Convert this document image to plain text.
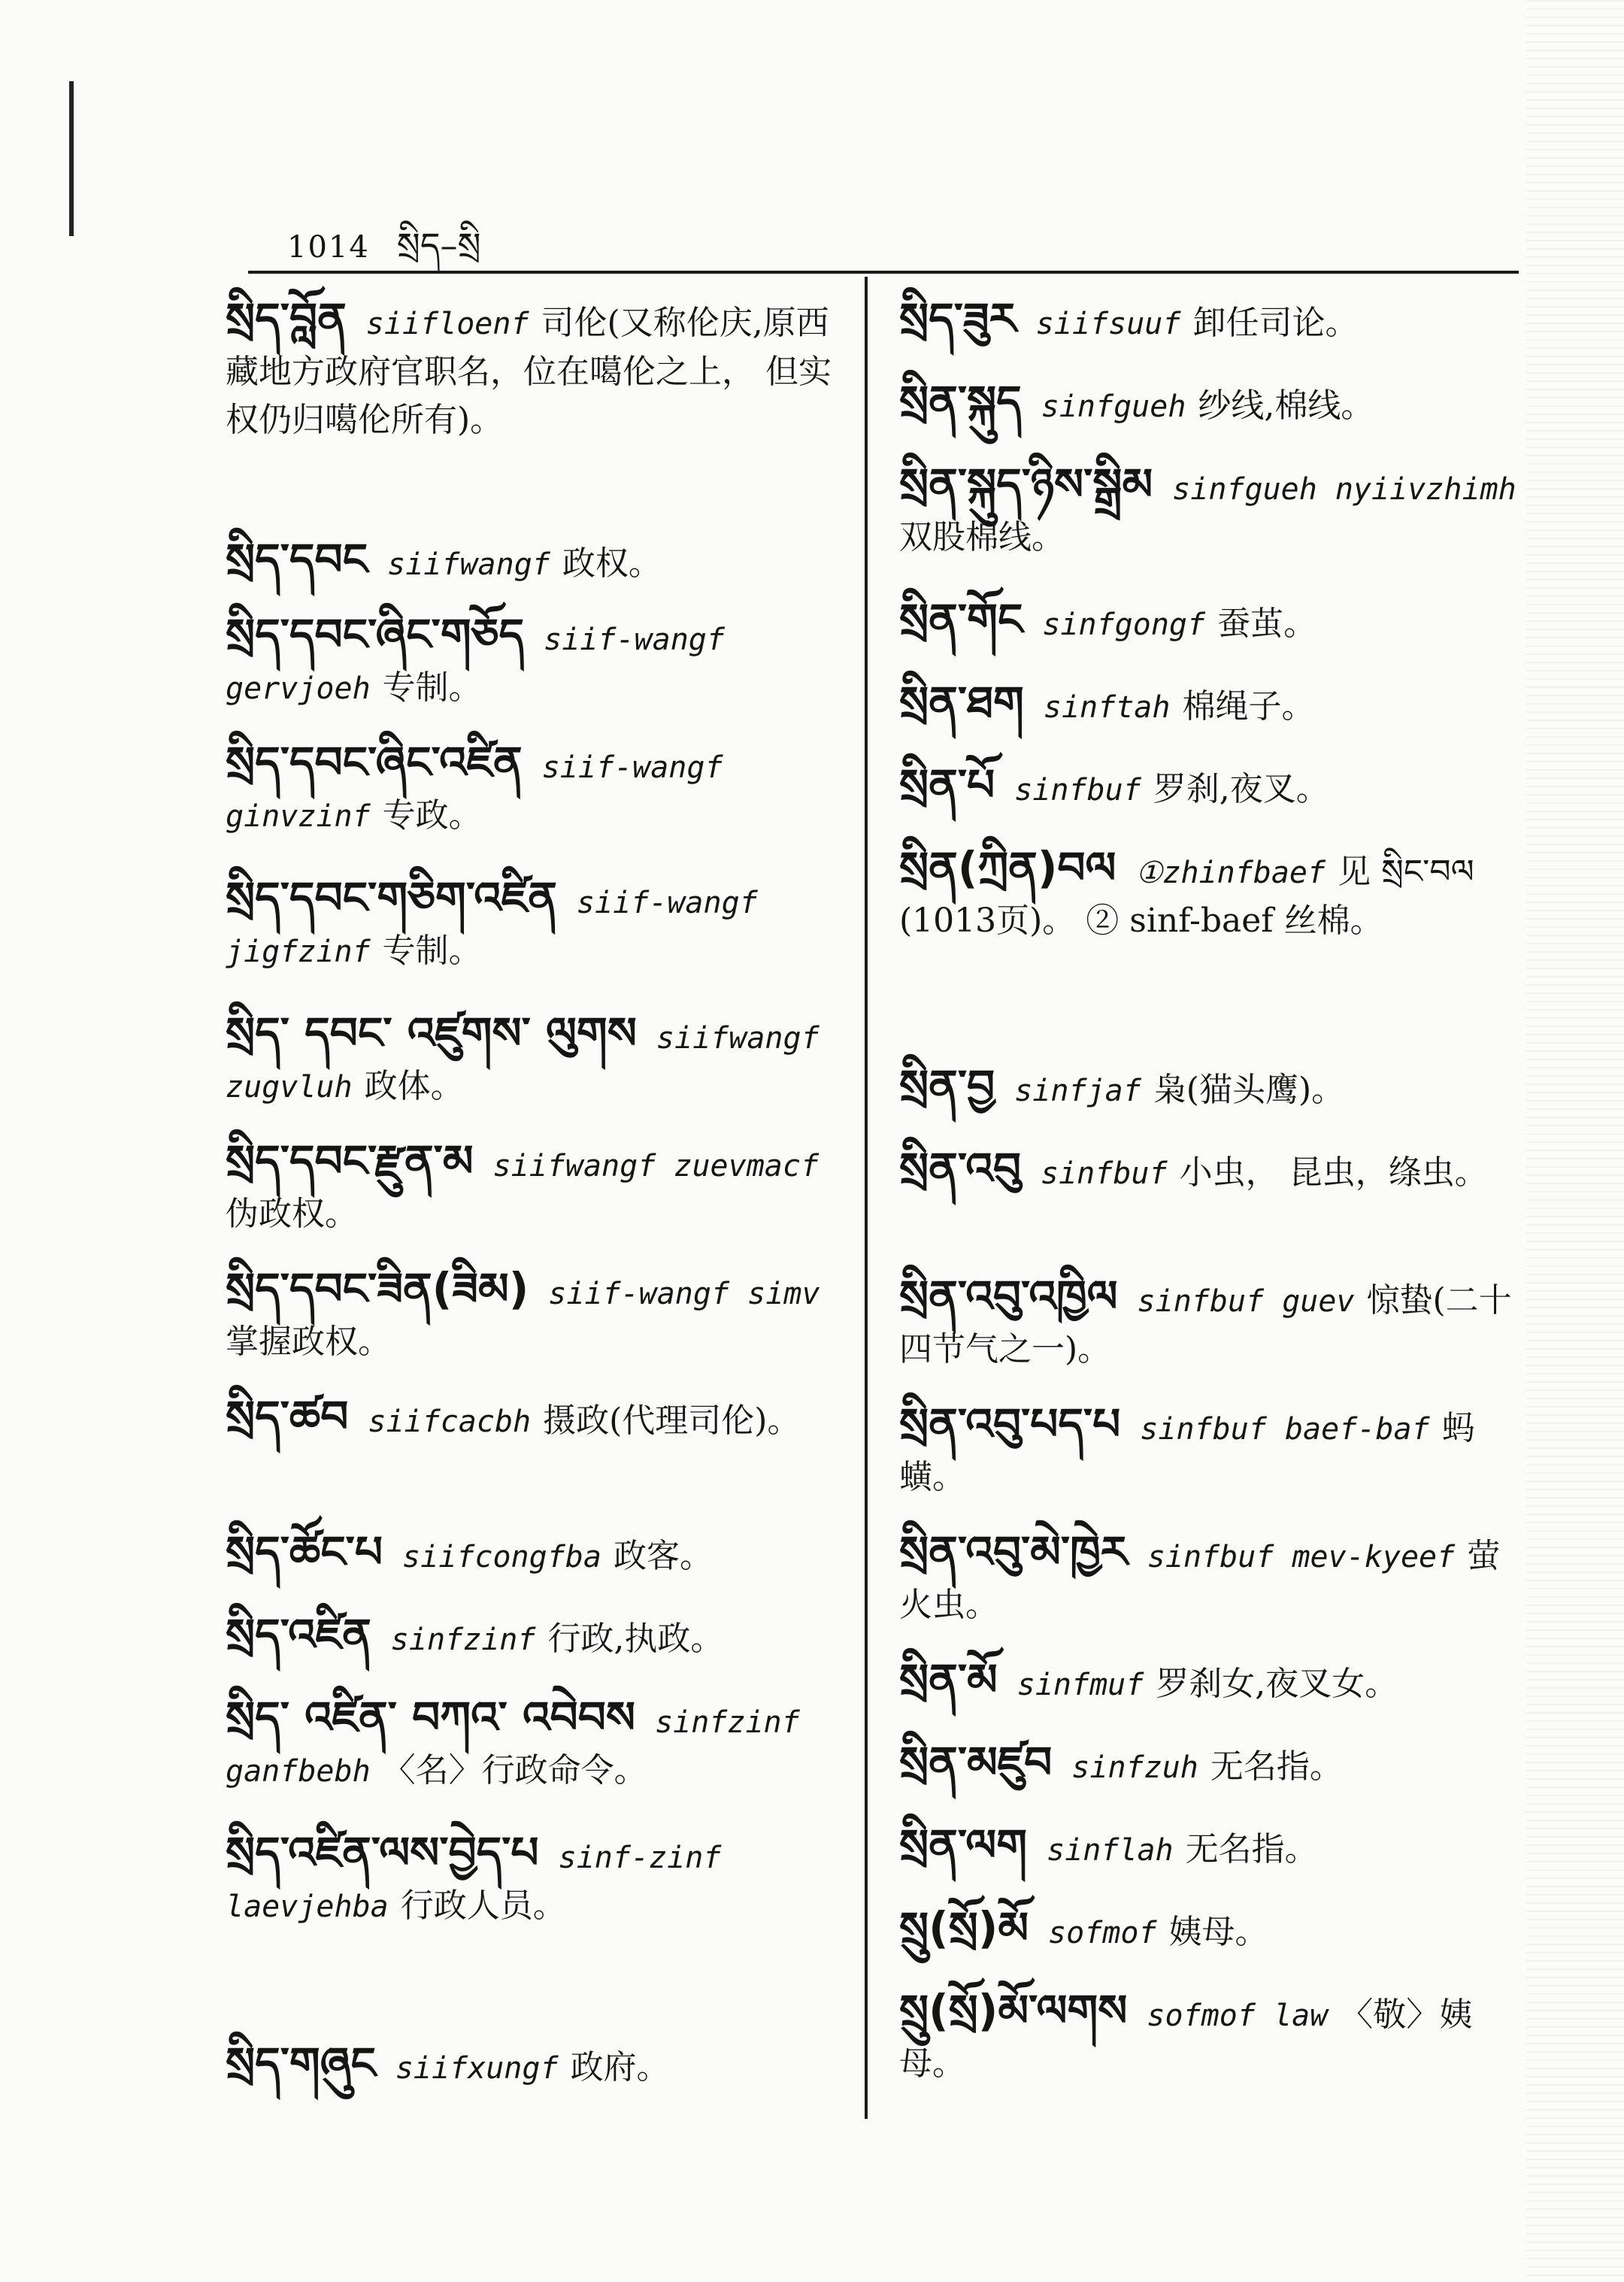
1014 སྲིད–སྲི
སྲིད་བློན siifloenf 司伦(又称伦庆,原西藏地方政府官职名，位在噶伦之上， 但实权仍归噶伦所有)。
སྲིད་དབང siifwangf 政权。
སྲིད་དབང་ཞིང་གཅོད siif-wangf gervjoeh 专制。
སྲིད་དབང་ཞིང་འཛིན siif-wangf ginvzinf 专政。
སྲིད་དབང་གཅིག་འཛིན siif-wangf jigfzinf 专制。
སྲིད་ དབང་ འཛུགས་ ལུགས siifwangf zugvluh 政体。
སྲིད་དབང་རྫུན་མ siifwangf zuevmacf伪政权。
སྲིད་དབང་ཟིན(ཟིམ) siif-wangf simv掌握政权。
སྲིད་ཚབ siifcacbh 摄政(代理司伦)。
སྲིད་ཚོང་པ siifcongfba 政客。
སྲིད་འཛིན sinfzinf 行政,执政。
སྲིད་ འཛིན་ བཀའ་ འབེབས sinfzinf ganfbebh 〈名〉行政命令。
སྲིད་འཛིན་ལས་བྱེད་པ sinf-zinf laevjehba 行政人员。
སྲིད་གཞུང siifxungf 政府。
སྲིད་ཟུར siifsuuf 卸任司论。
སྲིན་སྐུད sinfgueh 纱线,棉线。
སྲིན་སྐུད་ཉིས་སྒྲིམ sinfgueh nyiivzhimh双股棉线。
སྲིན་གོང sinfgongf 蚕茧。
སྲིན་ཐག sinftah 棉绳子。
སྲིན་པོ sinfbuf 罗刹,夜叉。
སྲིན(ཀྲིན)བལ ①zhinfbaef 见 སྲིང་བལ (1013页)。 ② sinf-baef 丝棉。
སྲིན་བྱ sinfjaf 枭(猫头鹰)。
སྲིན་འབུ sinfbuf 小虫， 昆虫，绦虫。
སྲིན་འབུ་འཁྱིལ sinfbuf guev 惊蛰(二十四节气之一)。
སྲིན་འབུ་པད་པ sinfbuf baef-baf 蚂蟥。
སྲིན་འབུ་མེ་ཁྱེར sinfbuf mev-kyeef 萤火虫。
སྲིན་མོ sinfmuf 罗刹女,夜叉女。
སྲིན་མཛུབ sinfzuh 无名指。
སྲིན་ལག sinflah 无名指。
སྲུ(སྲོ)མོ sofmof 姨母。
སྲུ(སྲོ)མོ་ལགས sofmof law 〈敬〉姨母。
